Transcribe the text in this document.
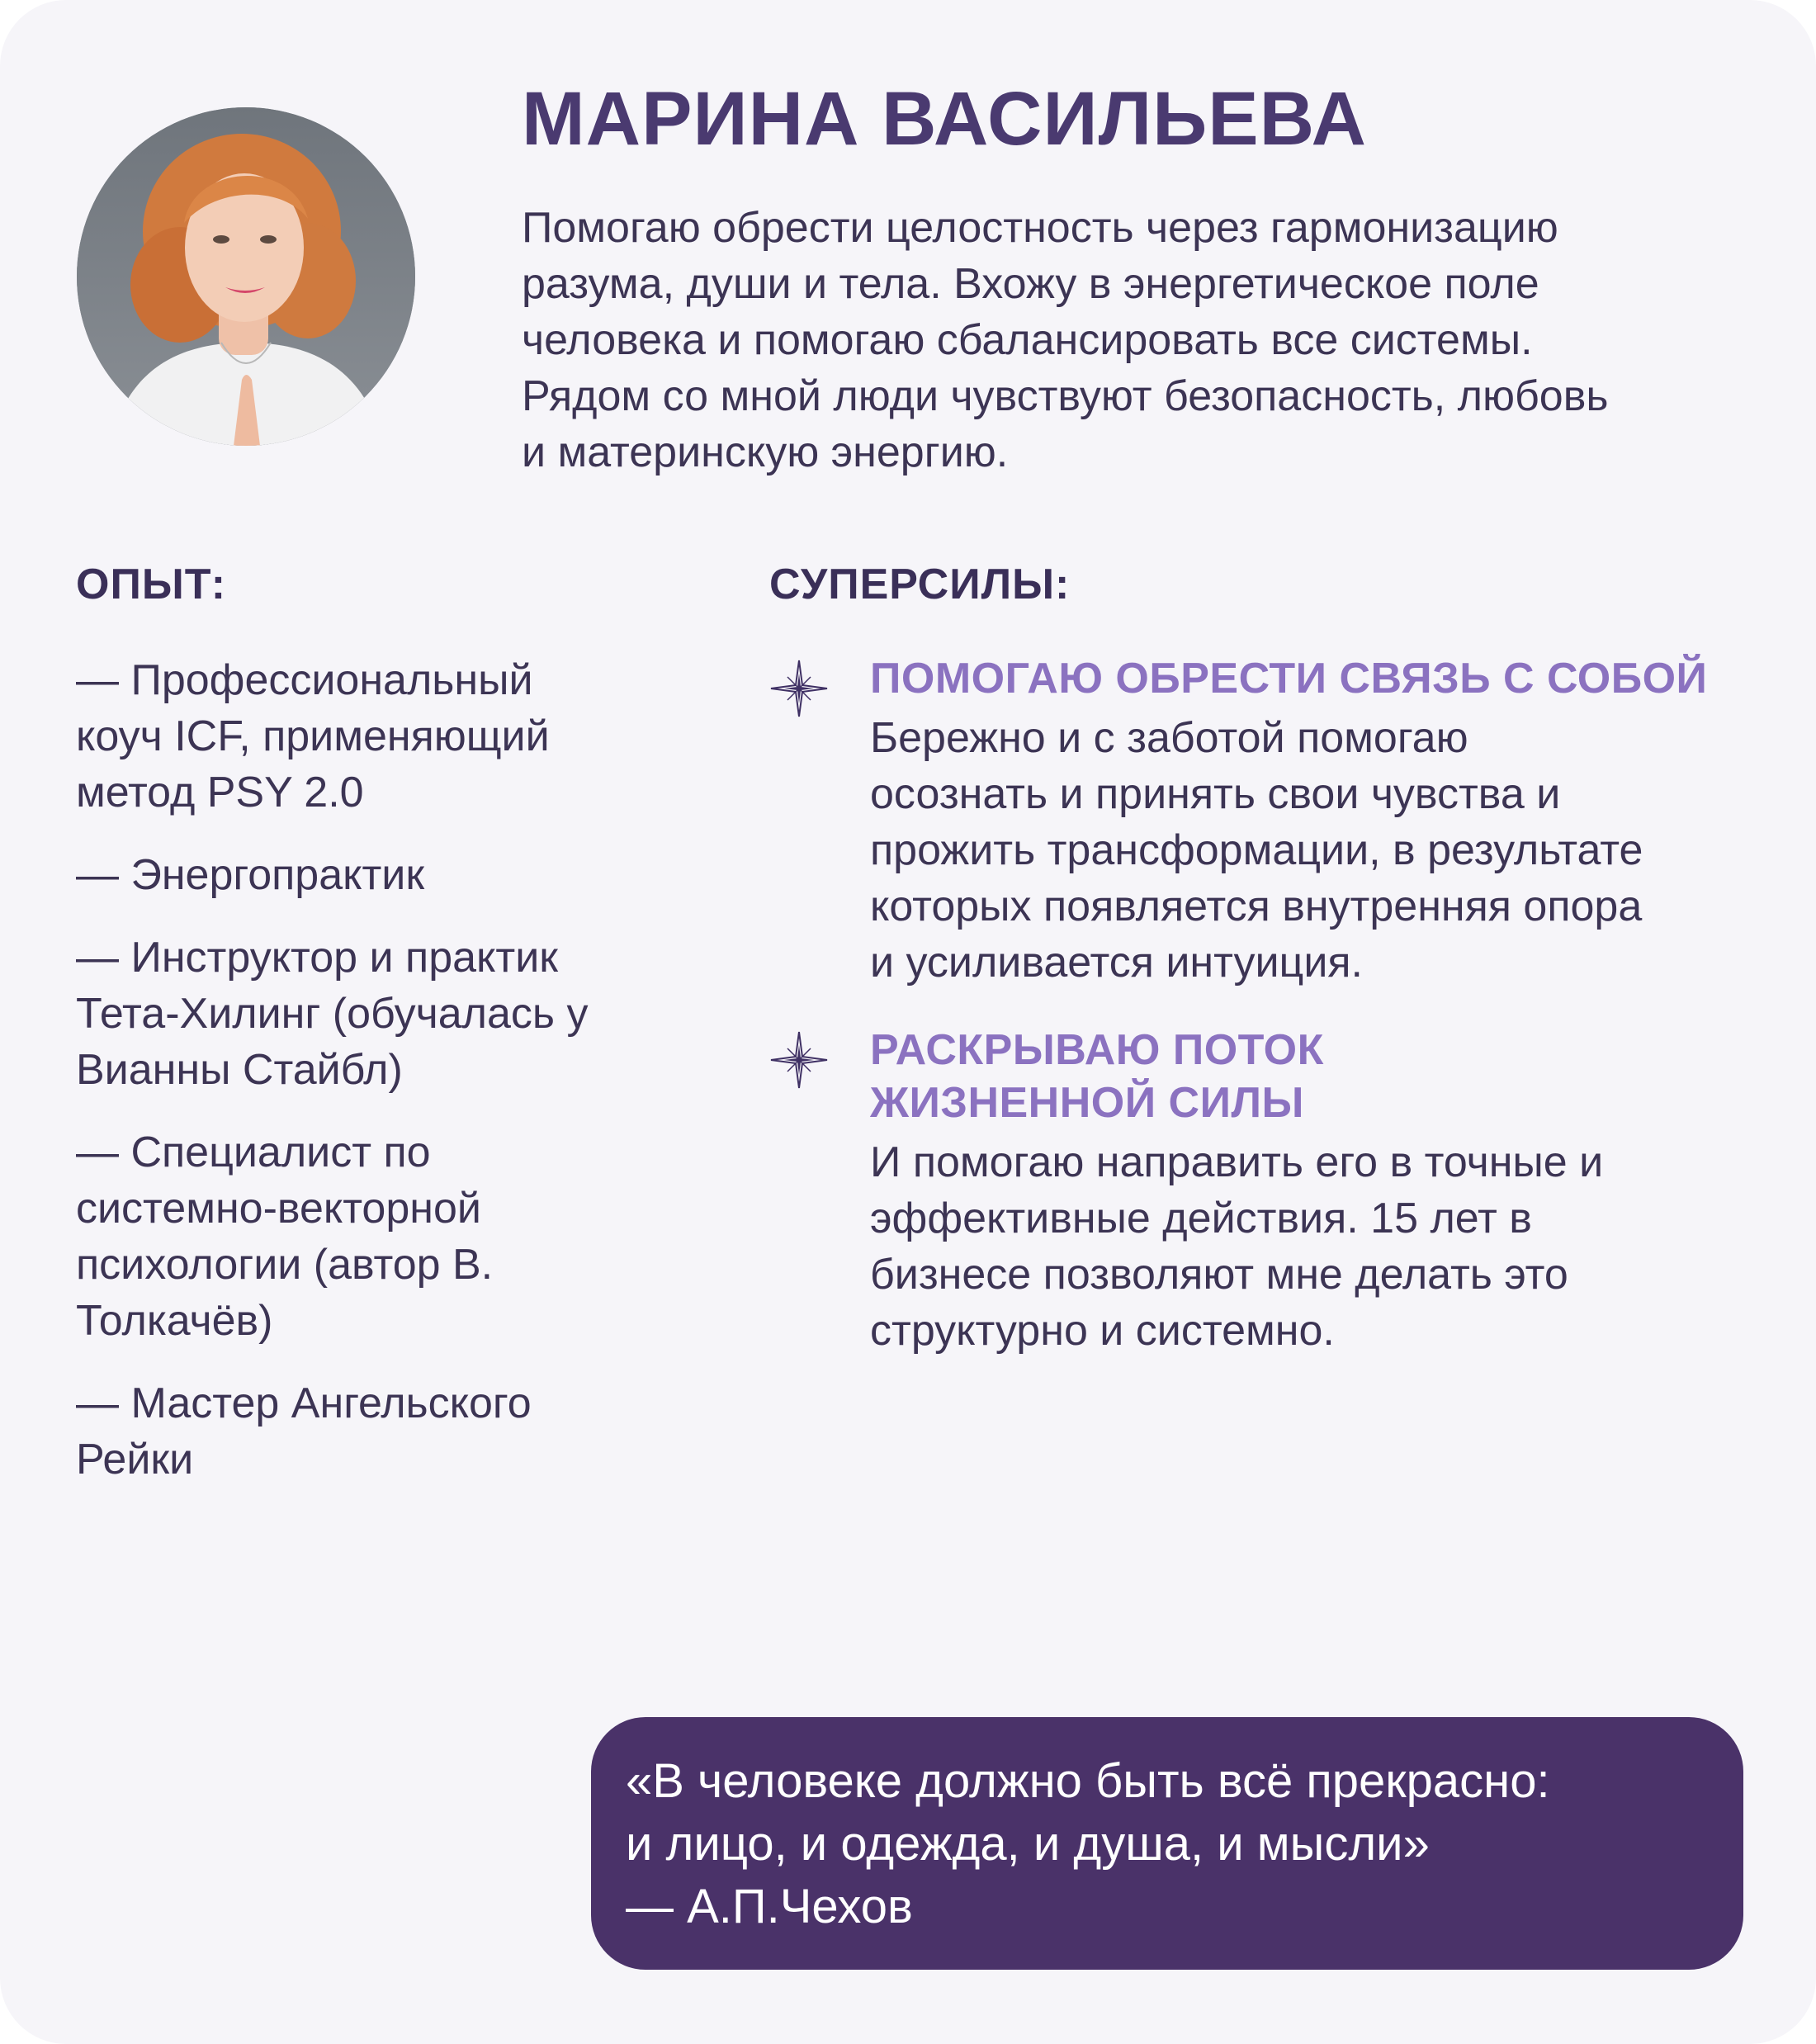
МАРИНА ВАСИЛЬЕВА
Помогаю обрести целостность через гармонизацию
разума, души и тела. Вхожу в энергетическое поле
человека и помогаю сбалансировать все системы.
Рядом со мной люди чувствуют безопасность, любовь
и материнскую энергию.
ОПЫТ:	СУПЕРСИЛЫ:
— Профессиональный
коуч ICF, применяющий
метод PSY 2.0
— Энергопрактик
— Инструктор и практик
Тета-Хилинг (обучалась у
Вианны Стайбл)
— Специалист по
системно-векторной
психологии (автор В.
Толкачёв)
— Мастер Ангельского
Рейки
ПОМОГАЮ ОБРЕСТИ СВЯЗЬ С СОБОЙ
Бережно и с заботой помогаю
осознать и принять свои чувства и
прожить трансформации, в результате
которых появляется внутренняя опора
и усиливается интуиция.
РАСКРЫВАЮ ПОТОК
ЖИЗНЕННОЙ СИЛЫ
И помогаю направить его в точные и
эффективные действия. 15 лет в
бизнесе позволяют мне делать это
структурно и системно.
«В человеке должно быть всё прекрасно:
и лицо, и одежда, и душа, и мысли»
— А.П.Чехов
